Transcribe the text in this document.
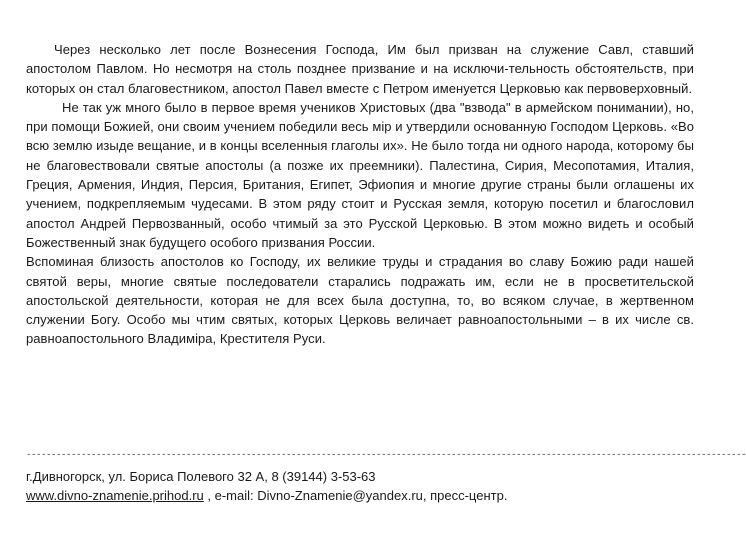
Через несколько лет после Вознесения Господа, Им был призван на служение Савл, ставший апостолом Павлом. Но несмотря на столь позднее призвание и на исключи-тельность обстоятельств, при которых он стал благовестником, апостол Павел вместе с Петром именуется Церковью как первоверховный.

Не так уж много было в первое время учеников Христовых (два "взвода" в армейском понимании), но, при помощи Божией, они своим учением победили весь мiр и утвердили основанную Господом Церковь. «Во всю землю изыде вещание, и в концы вселенныя глаголы их». Не было тогда ни одного народа, которому бы не благовествовали святые апостолы (а позже их преемники). Палестина, Сирия, Месопотамия, Италия, Греция, Армения, Индия, Персия, Британия, Египет, Эфиопия и многие другие страны были оглашены их учением, подкрепляемым чудесами. В этом ряду стоит и Русская земля, которую посетил и благословил апостол Андрей Первозванный, особо чтимый за это Русской Церковью. В этом можно видеть и особый Божественный знак будущего особого призвания России.

Вспоминая близость апостолов ко Господу, их великие труды и страдания во славу Божию ради нашей святой веры, многие святые последователи старались подражать им, если не в просветительской апостольской деятельности, которая не для всех была доступна, то, во всяком случае, в жертвенном служении Богу. Особо мы чтим святых, которых Церковь величает равноапостольными – в их числе св. равноапостольного Владимiра, Крестителя Руси.

------------------------------------------------------------------------------------------------------------------------------------------------
г.Дивногорск, ул. Бориса Полевого 32 А, 8 (39144) 3-53-63
www.divno-znamenie.prihod.ru , e-mail: Divno-Znamenie@yandex.ru, пресс-центр.
